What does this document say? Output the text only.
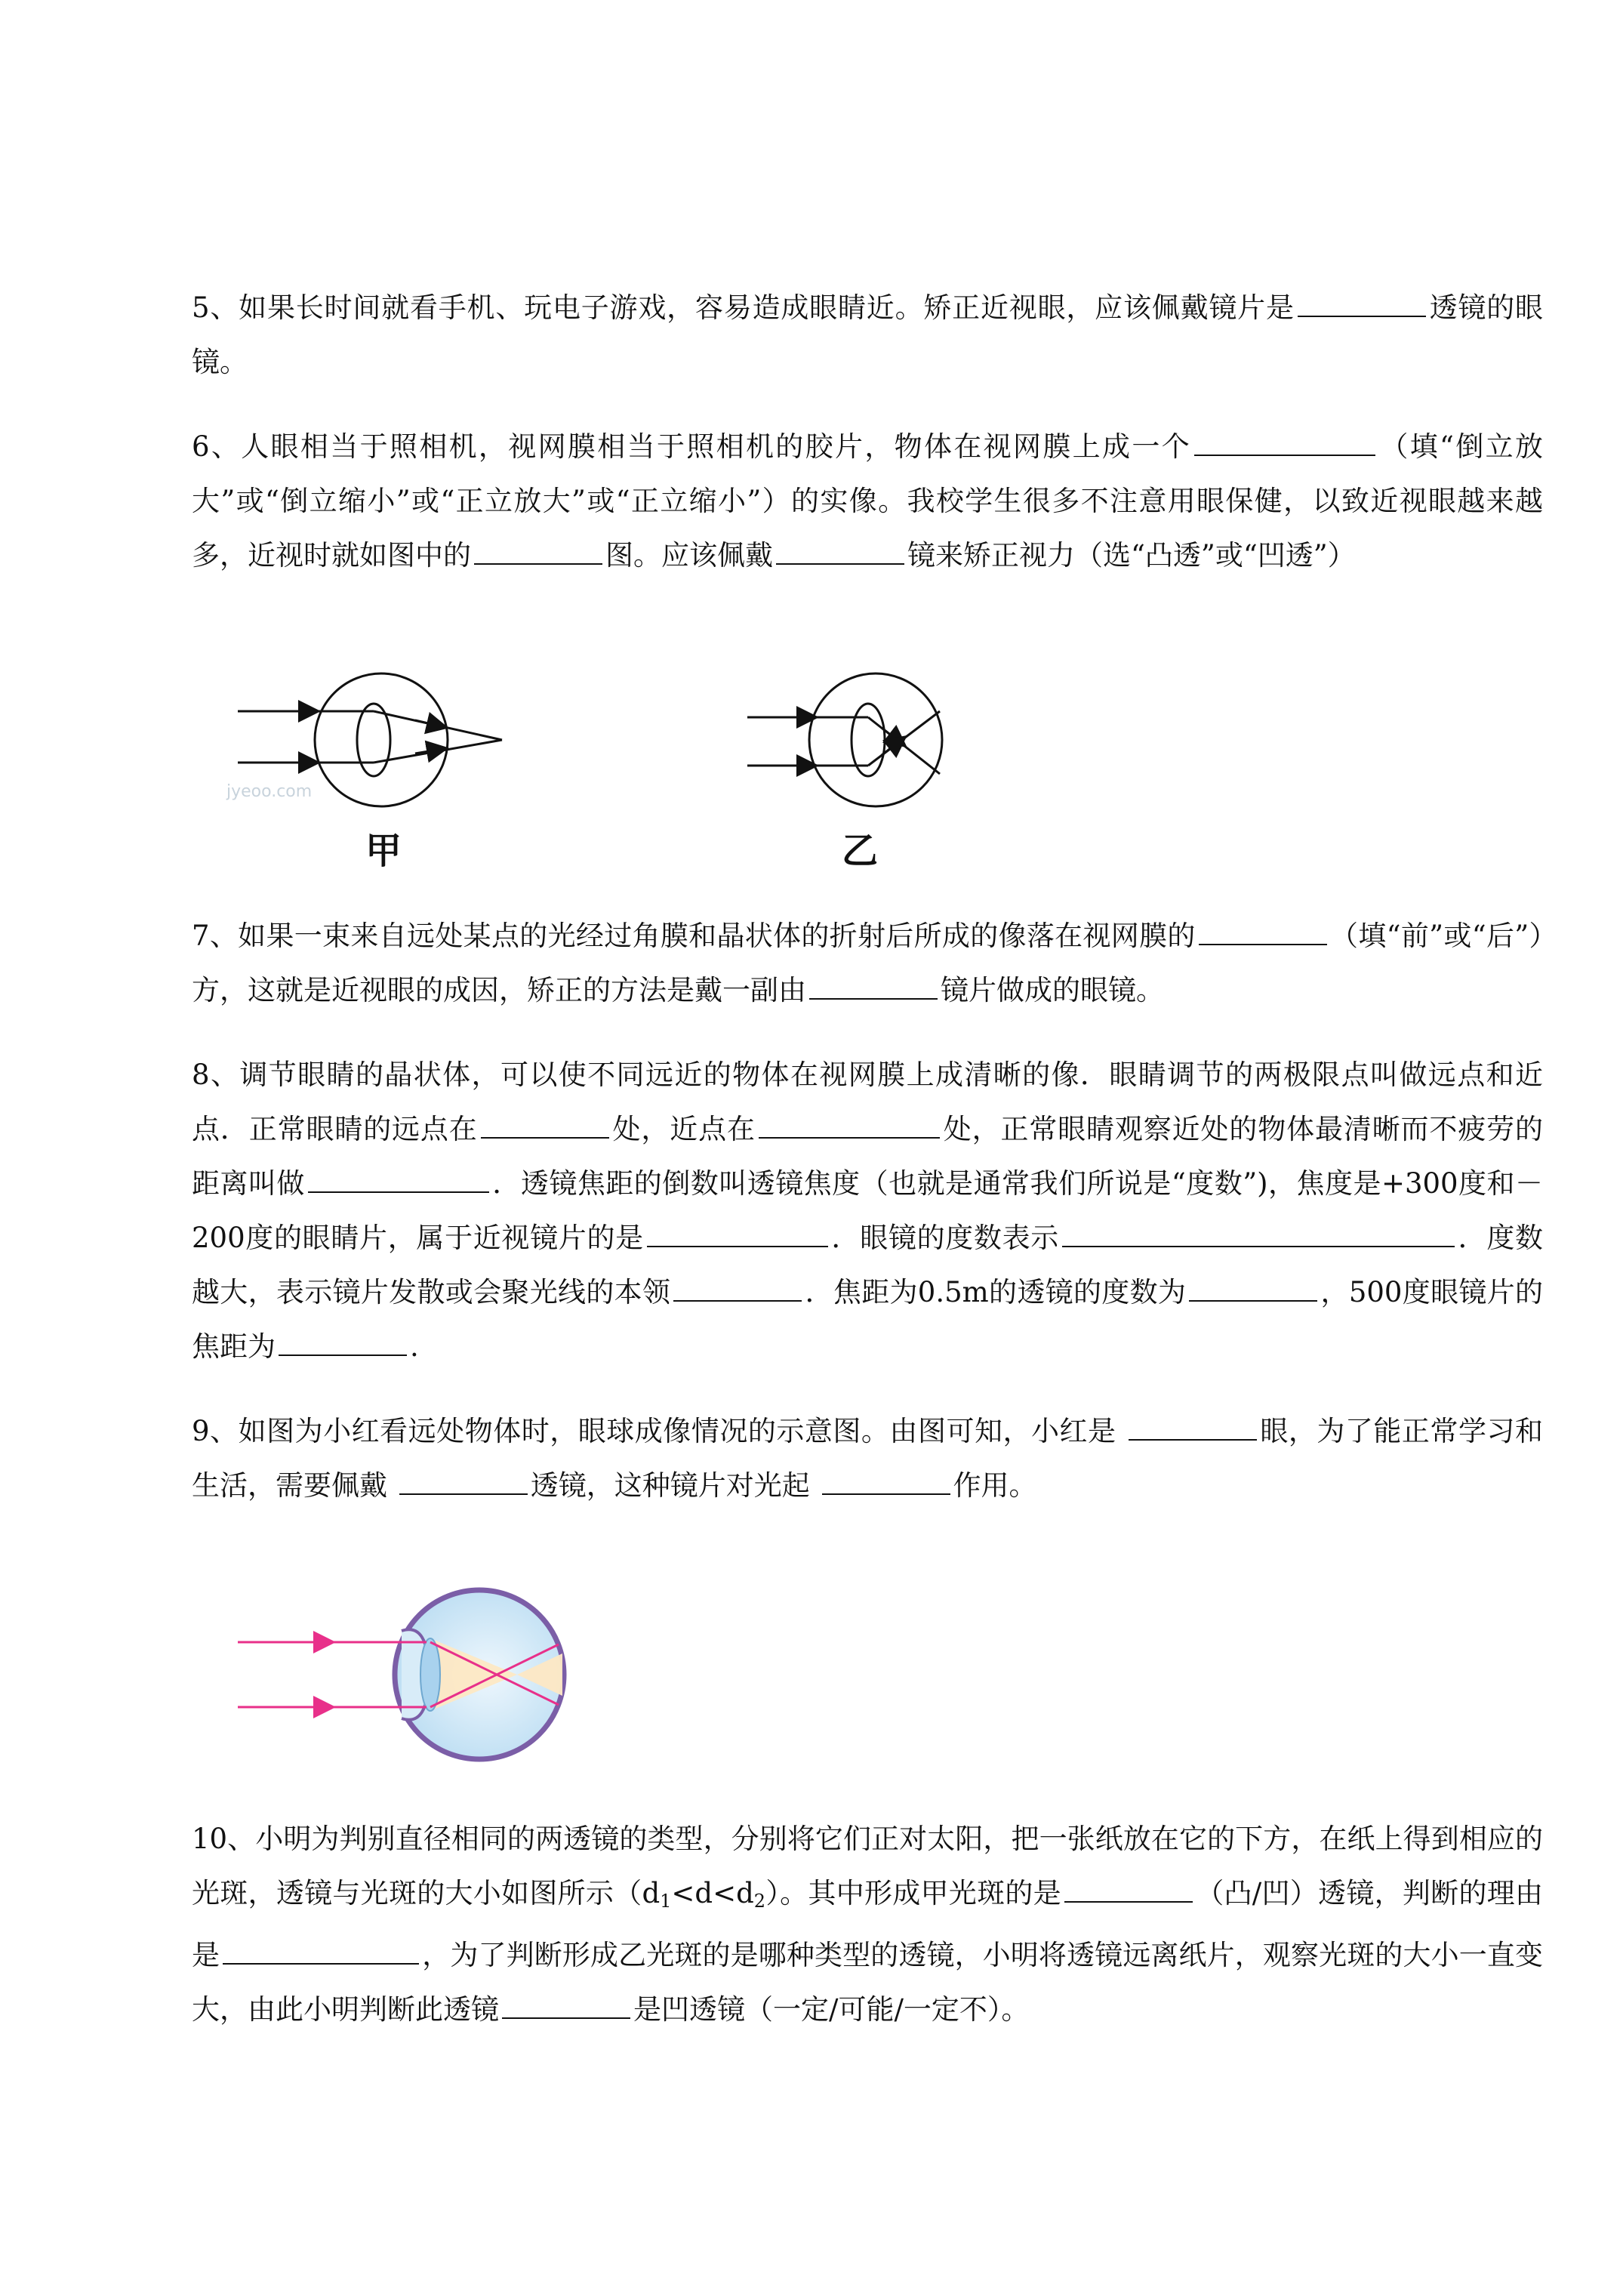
5、如果长时间就看手机、玩电子游戏，容易造成眼睛近。矫正近视眼，应该佩戴镜片是	透镜的眼镜。
6、人眼相当于照相机，视网膜相当于照相机的胶片，物体在视网膜上成一个	（填“倒立放大”或“倒立缩小”或“正立放大”或“正立缩小”）的实像。我校学生很多不注意用眼保健，以致近视眼越来越多，近视时就如图中的	图。应该佩戴	镜来矫正视力（选“凸透”或“凹透”）
jyeoo.com
甲	乙
7、如果一束来自远处某点的光经过角膜和晶状体的折射后所成的像落在视网膜的	（填“前”或“后”）方，这就是近视眼的成因，矫正的方法是戴一副由	镜片做成的眼镜。
8、调节眼睛的晶状体，可以使不同远近的物体在视网膜上成清晰的像．眼睛调节的两极限点叫做远点和近点．正常眼睛的远点在	处，近点在	处，正常眼睛观察近处的物体最清晰而不疲劳的距离叫做	．透镜焦距的倒数叫透镜焦度（也就是通常我们所说是“度数”)，焦度是+300度和－200度的眼睛片，属于近视镜片的是	．眼镜的度数表示	．度数越大，表示镜片发散或会聚光线的本领	．焦距为0.5m的透镜的度数为	，500度眼镜片的焦距为	.
9、如图为小红看远处物体时，眼球成像情况的示意图。由图可知，小红是	眼，为了能正常学习和生活，需要佩戴	透镜，这种镜片对光起	作用。
10、小明为判别直径相同的两透镜的类型，分别将它们正对太阳，把一张纸放在它的下方，在纸上得到相应的光斑，透镜与光斑的大小如图所示$(d_1<d<d_2)$。其中形成甲光斑的是	（凸/凹）透镜，判断的理由是	，为了判断形成乙光斑的是哪种类型的透镜，小明将透镜远离纸片，观察光斑的大小一直变大，由此小明判断此透镜	是凹透镜（一定/可能/一定不）。
